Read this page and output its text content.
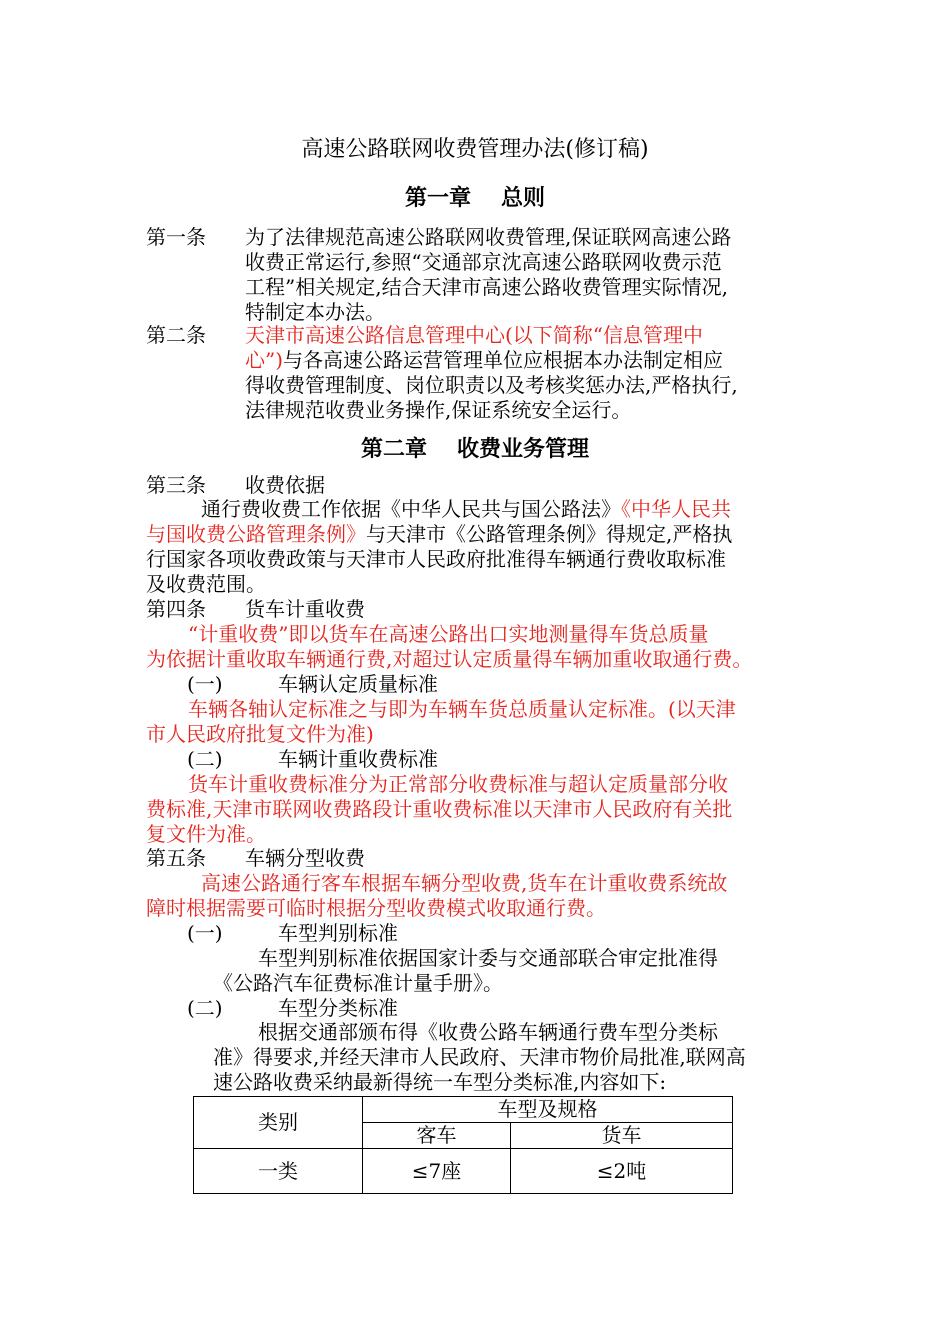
高速公路联网收费管理办法(修订稿)
第一章 总则
第一条 为了法律规范高速公路联网收费管理,保证联网高速公路
收费正常运行,参照“交通部京沈高速公路联网收费示范
工程”相关规定,结合天津市高速公路收费管理实际情况,
特制定本办法。
第二条 天津市高速公路信息管理中心(以下简称“信息管理中
心”)与各高速公路运营管理单位应根据本办法制定相应
得收费管理制度、岗位职责以及考核奖惩办法,严格执行,
法律规范收费业务操作,保证系统安全运行。
第二章 收费业务管理
第三条 收费依据
通行费收费工作依据《中华人民共与国公路法》《中华人民共
与国收费公路管理条例》与天津市《公路管理条例》得规定,严格执
行国家各项收费政策与天津市人民政府批准得车辆通行费收取标准
及收费范围。
第四条 货车计重收费
“计重收费”即以货车在高速公路出口实地测量得车货总质量
为依据计重收取车辆通行费,对超过认定质量得车辆加重收取通行费。
(一)	车辆认定质量标准
车辆各轴认定标准之与即为车辆车货总质量认定标准。(以天津
市人民政府批复文件为准)
(二)	车辆计重收费标准
货车计重收费标准分为正常部分收费标准与超认定质量部分收
费标准,天津市联网收费路段计重收费标准以天津市人民政府有关批
复文件为准。
第五条 车辆分型收费
高速公路通行客车根据车辆分型收费,货车在计重收费系统故
障时根据需要可临时根据分型收费模式收取通行费。
(一)	车型判别标准
车型判别标准依据国家计委与交通部联合审定批准得
《公路汽车征费标准计量手册》。
(二)	车型分类标准
根据交通部颁布得《收费公路车辆通行费车型分类标
准》得要求,并经天津市人民政府、天津市物价局批准,联网高
速公路收费采纳最新得统一车型分类标准,内容如下:
类别	车型及规格	
	客车	货车
一类	≤7座	≤2吨
